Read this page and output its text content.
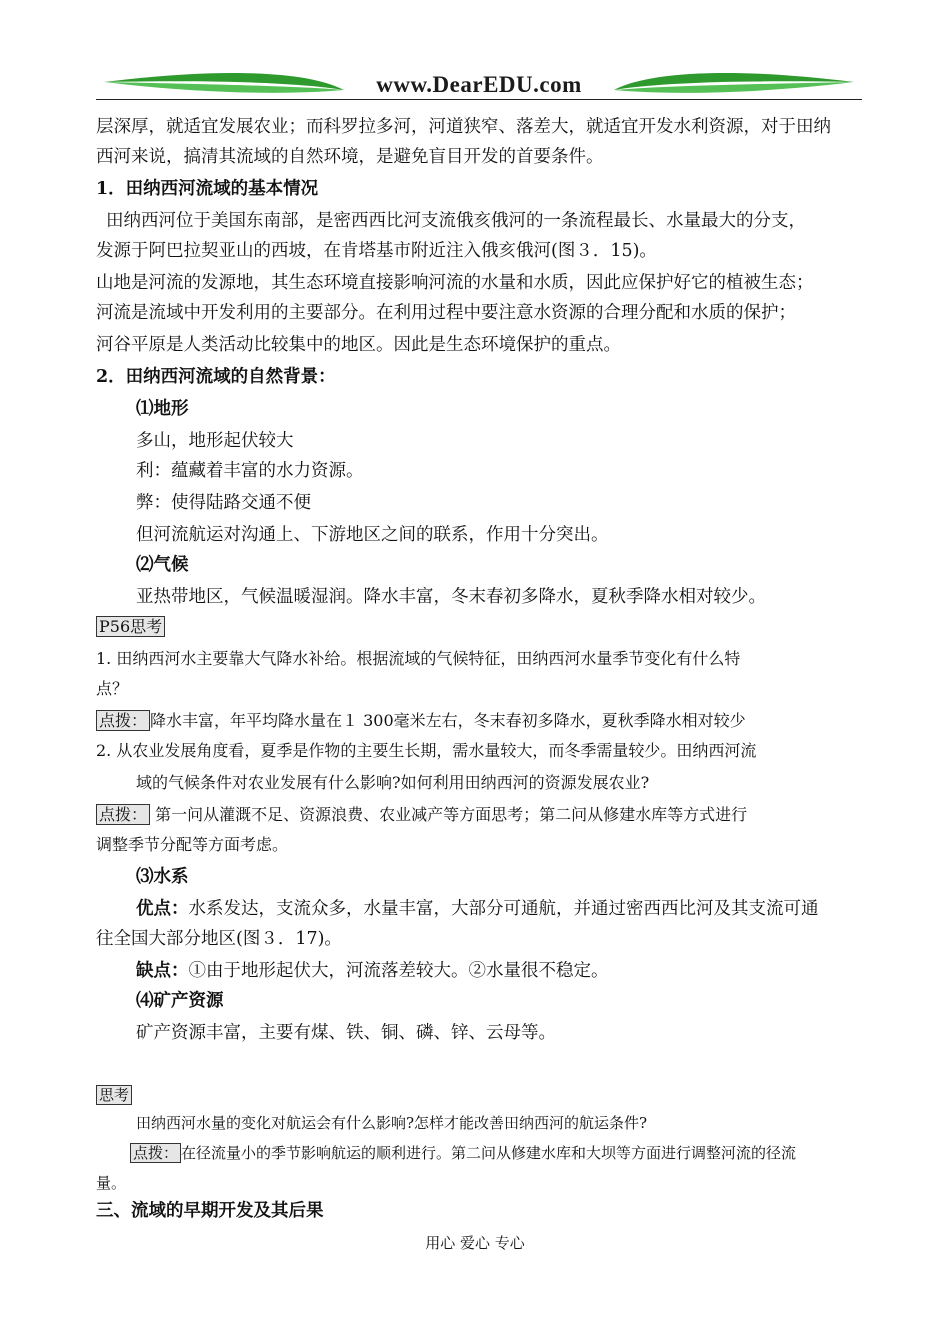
www.DearEDU.com
层深厚，就适宜发展农业；而科罗拉多河，河道狭窄、落差大，就适宜开发水利资源，对于田纳
西河来说，搞清其流域的自然环境，是避免盲目开发的首要条件。
1．田纳西河流域的基本情况
田纳西河位于美国东南部，是密西西比河支流俄亥俄河的一条流程最长、水量最大的分支，
发源于阿巴拉契亚山的西坡，在肯塔基市附近注入俄亥俄河(图３．15)。
山地是河流的发源地，其生态环境直接影响河流的水量和水质，因此应保护好它的植被生态；
河流是流域中开发利用的主要部分。在利用过程中要注意水资源的合理分配和水质的保护；
河谷平原是人类活动比较集中的地区。因此是生态环境保护的重点。
2．田纳西河流域的自然背景：
⑴地形
多山，地形起伏较大
利：蕴藏着丰富的水力资源。
弊：使得陆路交通不便
但河流航运对沟通上、下游地区之间的联系，作用十分突出。
⑵气候
亚热带地区，气候温暖湿润。降水丰富，冬末春初多降水，夏秋季降水相对较少。
P56思考
1. 田纳西河水主要靠大气降水补给。根据流域的气候特征，田纳西河水量季节变化有什么特
点？
点拨： 降水丰富，年平均降水量在１ 300毫米左右，冬末春初多降水，夏秋季降水相对较少
2. 从农业发展角度看，夏季是作物的主要生长期，需水量较大，而冬季需量较少。田纳西河流
域的气候条件对农业发展有什么影响?如何利用田纳西河的资源发展农业?
点拨： 第一问从灌溉不足、资源浪费、农业减产等方面思考；第二问从修建水库等方式进行
调整季节分配等方面考虑。
⑶水系
优点：水系发达，支流众多，水量丰富，大部分可通航，并通过密西西比河及其支流可通
往全国大部分地区(图３．17)。
缺点：①由于地形起伏大，河流落差较大。②水量很不稳定。
⑷矿产资源
矿产资源丰富，主要有煤、铁、铜、磷、锌、云母等。
思考
田纳西河水量的变化对航运会有什么影响?怎样才能改善田纳西河的航运条件?
点拨： 在径流量小的季节影响航运的顺利进行。第二问从修建水库和大坝等方面进行调整河流的径流
量。
三、流域的早期开发及其后果
用心 爱心 专心
